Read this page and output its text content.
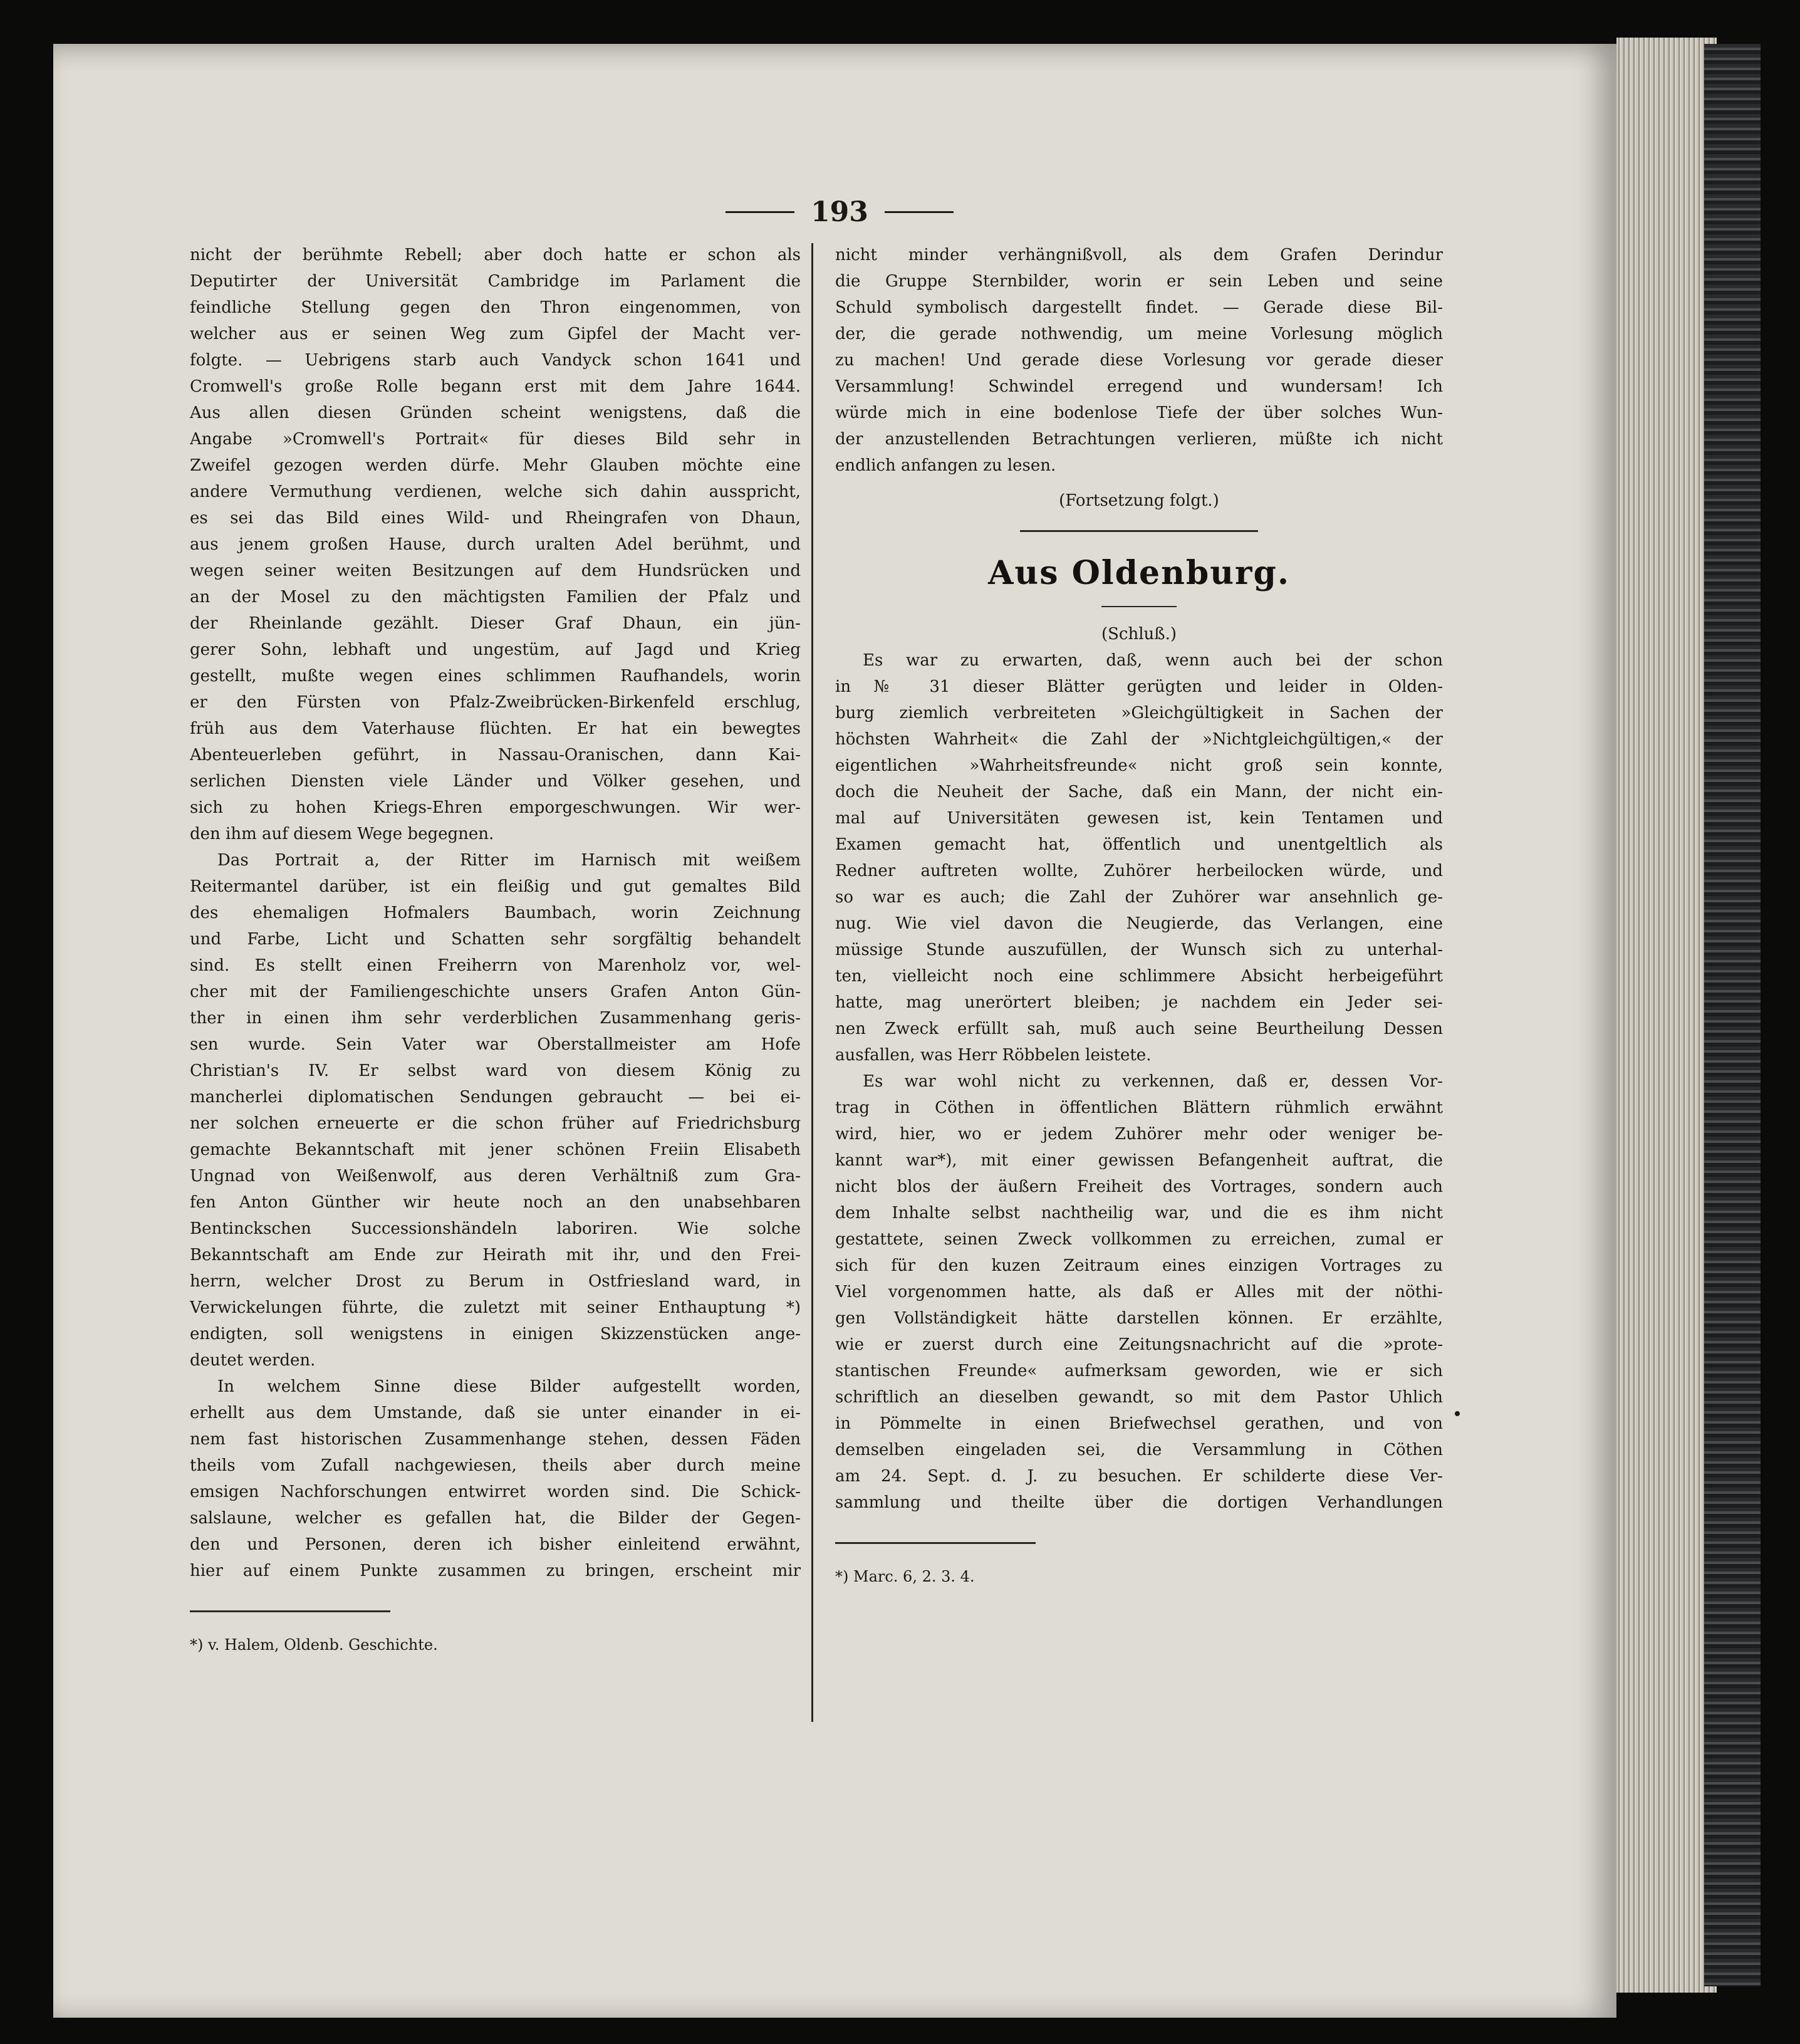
193
nicht der berühmte Rebell; aber doch hatte er schon als
Deputirter der Universität Cambridge im Parlament die
feindliche Stellung gegen den Thron eingenommen, von
welcher aus er seinen Weg zum Gipfel der Macht ver-
folgte. — Uebrigens starb auch Vandyck schon 1641 und
Cromwell's große Rolle begann erst mit dem Jahre 1644.
Aus allen diesen Gründen scheint wenigstens, daß die
Angabe »Cromwell's Portrait« für dieses Bild sehr in
Zweifel gezogen werden dürfe. Mehr Glauben möchte eine
andere Vermuthung verdienen, welche sich dahin ausspricht,
es sei das Bild eines Wild- und Rheingrafen von Dhaun,
aus jenem großen Hause, durch uralten Adel berühmt, und
wegen seiner weiten Besitzungen auf dem Hundsrücken und
an der Mosel zu den mächtigsten Familien der Pfalz und
der Rheinlande gezählt. Dieser Graf Dhaun, ein jün-
gerer Sohn, lebhaft und ungestüm, auf Jagd und Krieg
gestellt, mußte wegen eines schlimmen Raufhandels, worin
er den Fürsten von Pfalz-Zweibrücken-Birkenfeld erschlug,
früh aus dem Vaterhause flüchten. Er hat ein bewegtes
Abenteuerleben geführt, in Nassau-Oranischen, dann Kai-
serlichen Diensten viele Länder und Völker gesehen, und
sich zu hohen Kriegs-Ehren emporgeschwungen. Wir wer-
den ihm auf diesem Wege begegnen.
Das Portrait a, der Ritter im Harnisch mit weißem
Reitermantel darüber, ist ein fleißig und gut gemaltes Bild
des ehemaligen Hofmalers Baumbach, worin Zeichnung
und Farbe, Licht und Schatten sehr sorgfältig behandelt
sind. Es stellt einen Freiherrn von Marenholz vor, wel-
cher mit der Familiengeschichte unsers Grafen Anton Gün-
ther in einen ihm sehr verderblichen Zusammenhang geris-
sen wurde. Sein Vater war Oberstallmeister am Hofe
Christian's IV. Er selbst ward von diesem König zu
mancherlei diplomatischen Sendungen gebraucht — bei ei-
ner solchen erneuerte er die schon früher auf Friedrichsburg
gemachte Bekanntschaft mit jener schönen Freiin Elisabeth
Ungnad von Weißenwolf, aus deren Verhältniß zum Gra-
fen Anton Günther wir heute noch an den unabsehbaren
Bentinckschen Successionshändeln laboriren. Wie solche
Bekanntschaft am Ende zur Heirath mit ihr, und den Frei-
herrn, welcher Drost zu Berum in Ostfriesland ward, in
Verwickelungen führte, die zuletzt mit seiner Enthauptung *)
endigten, soll wenigstens in einigen Skizzenstücken ange-
deutet werden.
In welchem Sinne diese Bilder aufgestellt worden,
erhellt aus dem Umstande, daß sie unter einander in ei-
nem fast historischen Zusammenhange stehen, dessen Fäden
theils vom Zufall nachgewiesen, theils aber durch meine
emsigen Nachforschungen entwirret worden sind. Die Schick-
salslaune, welcher es gefallen hat, die Bilder der Gegen-
den und Personen, deren ich bisher einleitend erwähnt,
hier auf einem Punkte zusammen zu bringen, erscheint mir
*) v. Halem, Oldenb. Geschichte.
nicht minder verhängnißvoll, als dem Grafen Derindur
die Gruppe Sternbilder, worin er sein Leben und seine
Schuld symbolisch dargestellt findet. — Gerade diese Bil-
der, die gerade nothwendig, um meine Vorlesung möglich
zu machen! Und gerade diese Vorlesung vor gerade dieser
Versammlung! Schwindel erregend und wundersam! Ich
würde mich in eine bodenlose Tiefe der über solches Wun-
der anzustellenden Betrachtungen verlieren, müßte ich nicht
endlich anfangen zu lesen.
(Fortsetzung folgt.)
Aus Oldenburg.
(Schluß.)
Es war zu erwarten, daß, wenn auch bei der schon
in № 31 dieser Blätter gerügten und leider in Olden-
burg ziemlich verbreiteten »Gleichgültigkeit in Sachen der
höchsten Wahrheit« die Zahl der »Nichtgleichgültigen,« der
eigentlichen »Wahrheitsfreunde« nicht groß sein konnte,
doch die Neuheit der Sache, daß ein Mann, der nicht ein-
mal auf Universitäten gewesen ist, kein Tentamen und
Examen gemacht hat, öffentlich und unentgeltlich als
Redner auftreten wollte, Zuhörer herbeilocken würde, und
so war es auch; die Zahl der Zuhörer war ansehnlich ge-
nug. Wie viel davon die Neugierde, das Verlangen, eine
müssige Stunde auszufüllen, der Wunsch sich zu unterhal-
ten, vielleicht noch eine schlimmere Absicht herbeigeführt
hatte, mag unerörtert bleiben; je nachdem ein Jeder sei-
nen Zweck erfüllt sah, muß auch seine Beurtheilung Dessen
ausfallen, was Herr Röbbelen leistete.
Es war wohl nicht zu verkennen, daß er, dessen Vor-
trag in Cöthen in öffentlichen Blättern rühmlich erwähnt
wird, hier, wo er jedem Zuhörer mehr oder weniger be-
kannt war*), mit einer gewissen Befangenheit auftrat, die
nicht blos der äußern Freiheit des Vortrages, sondern auch
dem Inhalte selbst nachtheilig war, und die es ihm nicht
gestattete, seinen Zweck vollkommen zu erreichen, zumal er
sich für den kuzen Zeitraum eines einzigen Vortrages zu
Viel vorgenommen hatte, als daß er Alles mit der nöthi-
gen Vollständigkeit hätte darstellen können. Er erzählte,
wie er zuerst durch eine Zeitungsnachricht auf die »prote-
stantischen Freunde« aufmerksam geworden, wie er sich
schriftlich an dieselben gewandt, so mit dem Pastor Uhlich
in Pömmelte in einen Briefwechsel gerathen, und von
demselben eingeladen sei, die Versammlung in Cöthen
am 24. Sept. d. J. zu besuchen. Er schilderte diese Ver-
sammlung und theilte über die dortigen Verhandlungen
*) Marc. 6, 2. 3. 4.
